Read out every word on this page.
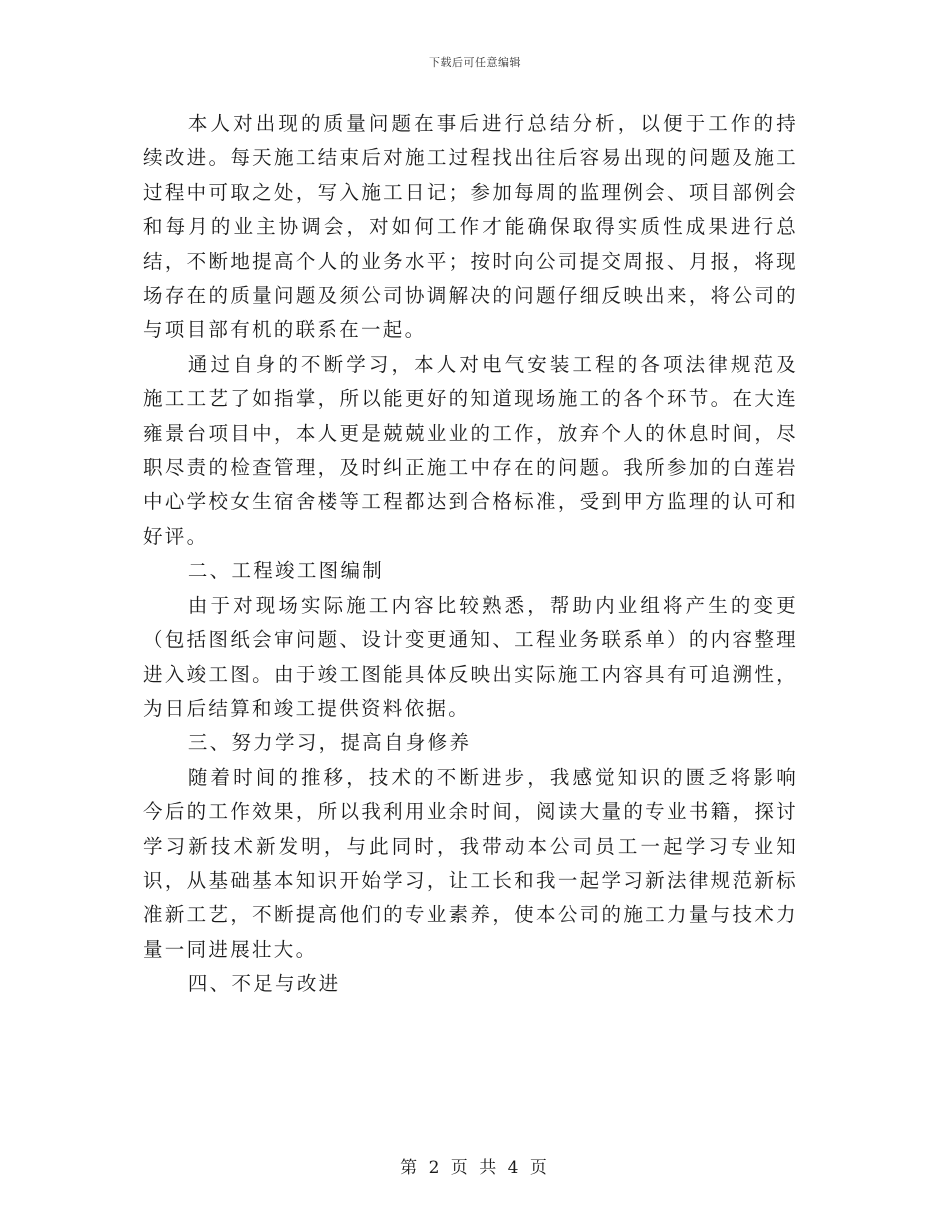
下载后可任意编辑

本人对出现的质量问题在事后进行总结分析，以便于工作的持续改进。每天施工结束后对施工过程找出往后容易出现的问题及施工过程中可取之处，写入施工日记；参加每周的监理例会、项目部例会和每月的业主协调会，对如何工作才能确保取得实质性成果进行总结，不断地提高个人的业务水平；按时向公司提交周报、月报，将现场存在的质量问题及须公司协调解决的问题仔细反映出来，将公司的与项目部有机的联系在一起。

通过自身的不断学习，本人对电气安装工程的各项法律规范及施工工艺了如指掌，所以能更好的知道现场施工的各个环节。在大连雍景台项目中，本人更是兢兢业业的工作，放弃个人的休息时间，尽职尽责的检查管理，及时纠正施工中存在的问题。我所参加的白莲岩中心学校女生宿舍楼等工程都达到合格标准，受到甲方监理的认可和好评。

二、工程竣工图编制

由于对现场实际施工内容比较熟悉，帮助内业组将产生的变更（包括图纸会审问题、设计变更通知、工程业务联系单）的内容整理进入竣工图。由于竣工图能具体反映出实际施工内容具有可追溯性，为日后结算和竣工提供资料依据。

三、努力学习，提高自身修养

随着时间的推移，技术的不断进步，我感觉知识的匮乏将影响今后的工作效果，所以我利用业余时间，阅读大量的专业书籍，探讨学习新技术新发明，与此同时，我带动本公司员工一起学习专业知识，从基础基本知识开始学习，让工长和我一起学习新法律规范新标准新工艺，不断提高他们的专业素养，使本公司的施工力量与技术力量一同进展壮大。

四、不足与改进

第 2 页 共 4 页
